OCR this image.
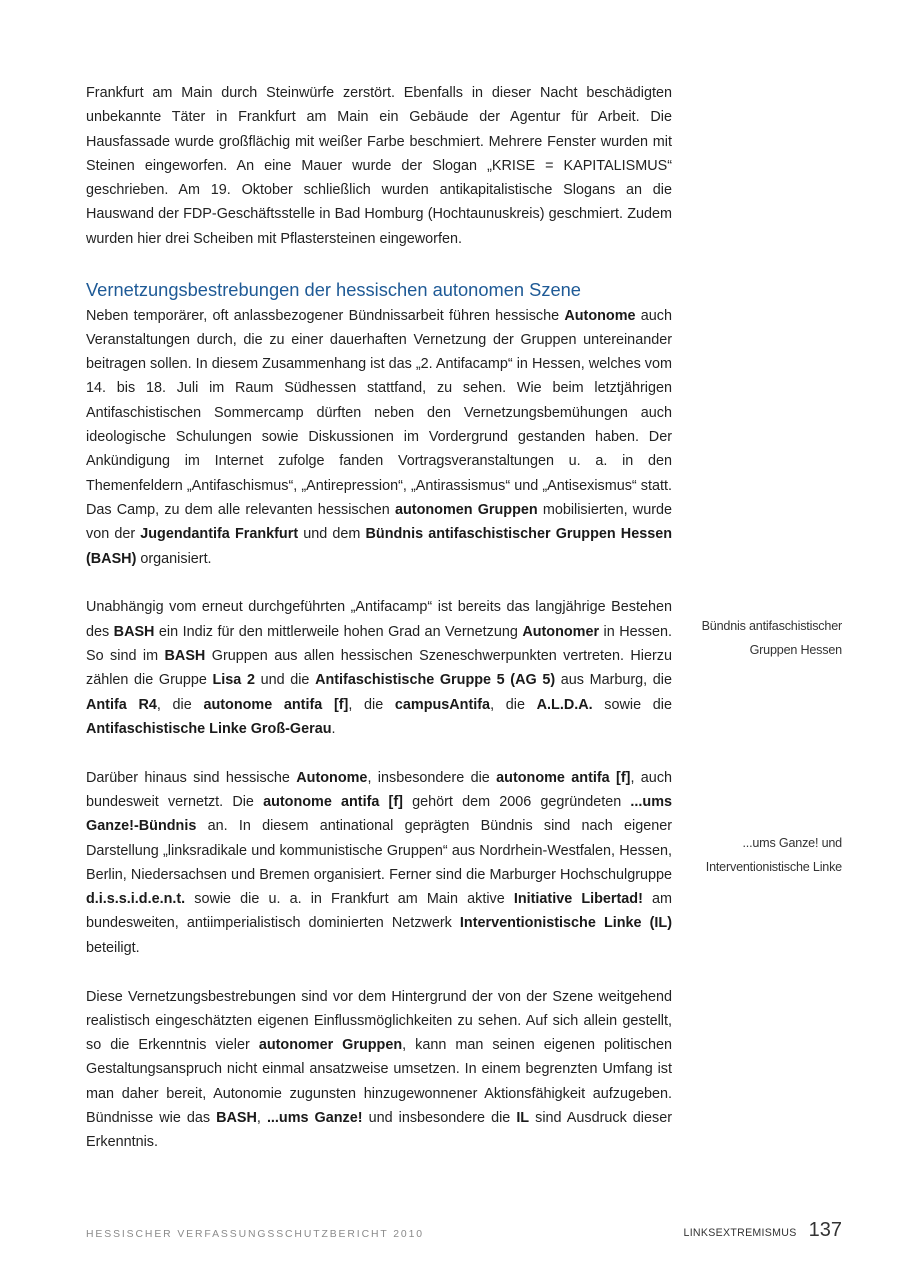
Frankfurt am Main durch Steinwürfe zerstört. Ebenfalls in dieser Nacht beschädigten unbekannte Täter in Frankfurt am Main ein Gebäude der Agentur für Arbeit. Die Hausfassade wurde großflächig mit weißer Farbe beschmiert. Mehrere Fenster wurden mit Steinen eingeworfen. An eine Mauer wurde der Slogan „KRISE = KAPITALISMUS“ geschrieben. Am 19. Oktober schließlich wurden antikapitalistische Slogans an die Hauswand der FDP-Geschäftsstelle in Bad Homburg (Hochtaunuskreis) geschmiert. Zudem wurden hier drei Scheiben mit Pflastersteinen eingeworfen.

Vernetzungsbestrebungen der hessischen autonomen Szene

Neben temporärer, oft anlassbezogener Bündnissarbeit führen hessische Autonome auch Veranstaltungen durch, die zu einer dauerhaften Vernetzung der Gruppen untereinander beitragen sollen. In diesem Zusammenhang ist das „2. Antifacamp“ in Hessen, welches vom 14. bis 18. Juli im Raum Südhessen stattfand, zu sehen. Wie beim letztjährigen Antifaschistischen Sommercamp dürften neben den Vernetzungsbemühungen auch ideologische Schulungen sowie Diskussionen im Vordergrund gestanden haben. Der Ankündigung im Internet zufolge fanden Vortragsveranstaltungen u. a. in den Themenfeldern „Antifaschismus“, „Antirepression“, „Antirassismus“ und „Antisexismus“ statt. Das Camp, zu dem alle relevanten hessischen autonomen Gruppen mobilisierten, wurde von der Jugendantifa Frankfurt und dem Bündnis antifaschistischer Gruppen Hessen (BASH) organisiert.

Unabhängig vom erneut durchgeführten „Antifacamp“ ist bereits das langjährige Bestehen des BASH ein Indiz für den mittlerweile hohen Grad an Vernetzung Autonomer in Hessen. So sind im BASH Gruppen aus allen hessischen Szeneschwerpunkten vertreten. Hierzu zählen die Gruppe Lisa 2 und die Antifaschistische Gruppe 5 (AG 5) aus Marburg, die Antifa R4, die autonome antifa [f], die campusAntifa, die A.L.D.A. sowie die Antifaschistische Linke Groß-Gerau.

Darüber hinaus sind hessische Autonome, insbesondere die autonome antifa [f], auch bundesweit vernetzt. Die autonome antifa [f] gehört dem 2006 gegründeten ...ums Ganze!-Bündnis an. In diesem antinational geprägten Bündnis sind nach eigener Darstellung „linksradikale und kommunistische Gruppen“ aus Nordrhein-Westfalen, Hessen, Berlin, Niedersachsen und Bremen organisiert. Ferner sind die Marburger Hochschulgruppe d.i.s.s.i.d.e.n.t. sowie die u. a. in Frankfurt am Main aktive Initiative Libertad! am bundesweiten, antiimperialistisch dominierten Netzwerk Interventionistische Linke (IL) beteiligt.

Diese Vernetzungsbestrebungen sind vor dem Hintergrund der von der Szene weitgehend realistisch eingeschätzten eigenen Einflussmöglichkeiten zu sehen. Auf sich allein gestellt, so die Erkenntnis vieler autonomer Gruppen, kann man seinen eigenen politischen Gestaltungsanspruch nicht einmal ansatzweise umsetzen. In einem begrenzten Umfang ist man daher bereit, Autonomie zugunsten hinzugewonnener Aktionsfähigkeit aufzugeben. Bündnisse wie das BASH, ...ums Ganze! und insbesondere die IL sind Ausdruck dieser Erkenntnis.

Bündnis antifaschistischer
Gruppen Hessen
...ums Ganze! und
Interventionistische Linke
HESSISCHER VERFASSUNGSSCHUTZBERICHT 2010	LINKSEXTREMISMUS 137
